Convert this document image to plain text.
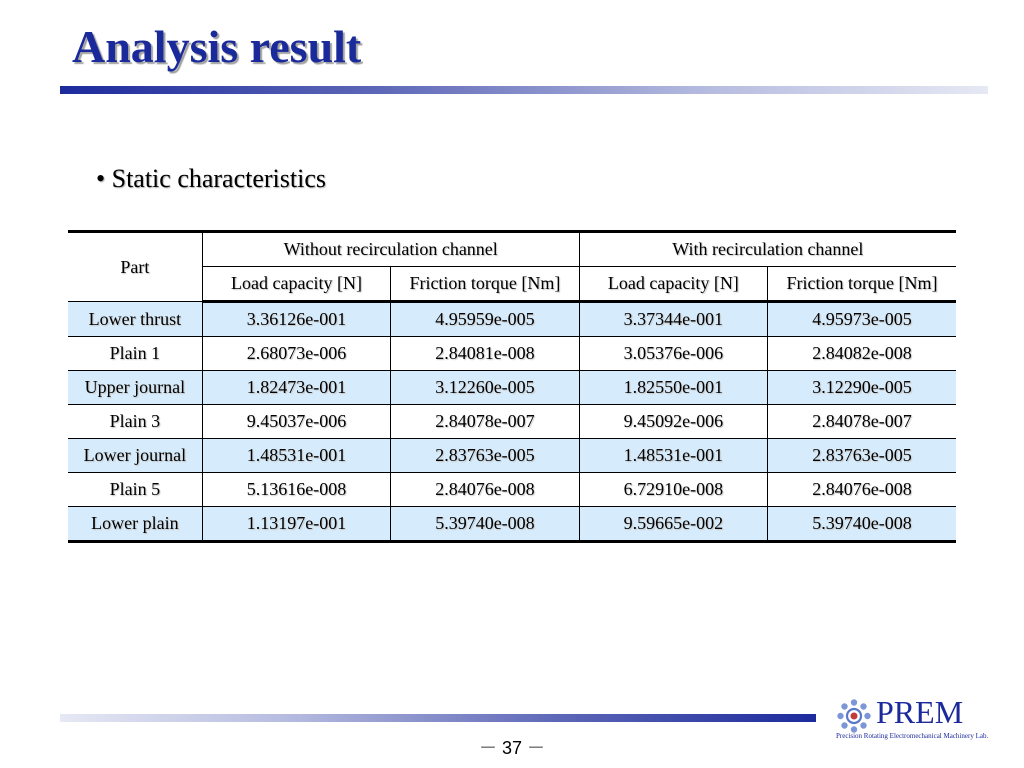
Analysis result
• Static characteristics
Part	Without recirculation channel		With recirculation channel	
	Load capacity [N]	Friction torque [Nm]	Load capacity [N]	Friction torque [Nm]
Lower thrust	3.36126e-001	4.95959e-005	3.37344e-001	4.95973e-005
Plain 1	2.68073e-006	2.84081e-008	3.05376e-006	2.84082e-008
Upper journal	1.82473e-001	3.12260e-005	1.82550e-001	3.12290e-005
Plain 3	9.45037e-006	2.84078e-007	9.45092e-006	2.84078e-007
Lower journal	1.48531e-001	2.83763e-005	1.48531e-001	2.83763e-005
Plain 5	5.13616e-008	2.84076e-008	6.72910e-008	2.84076e-008
Lower plain	1.13197e-001	5.39740e-008	9.59665e-002	5.39740e-008
－ 37 －
PREM
Precision Rotating Electromechanical Machinery Lab.
